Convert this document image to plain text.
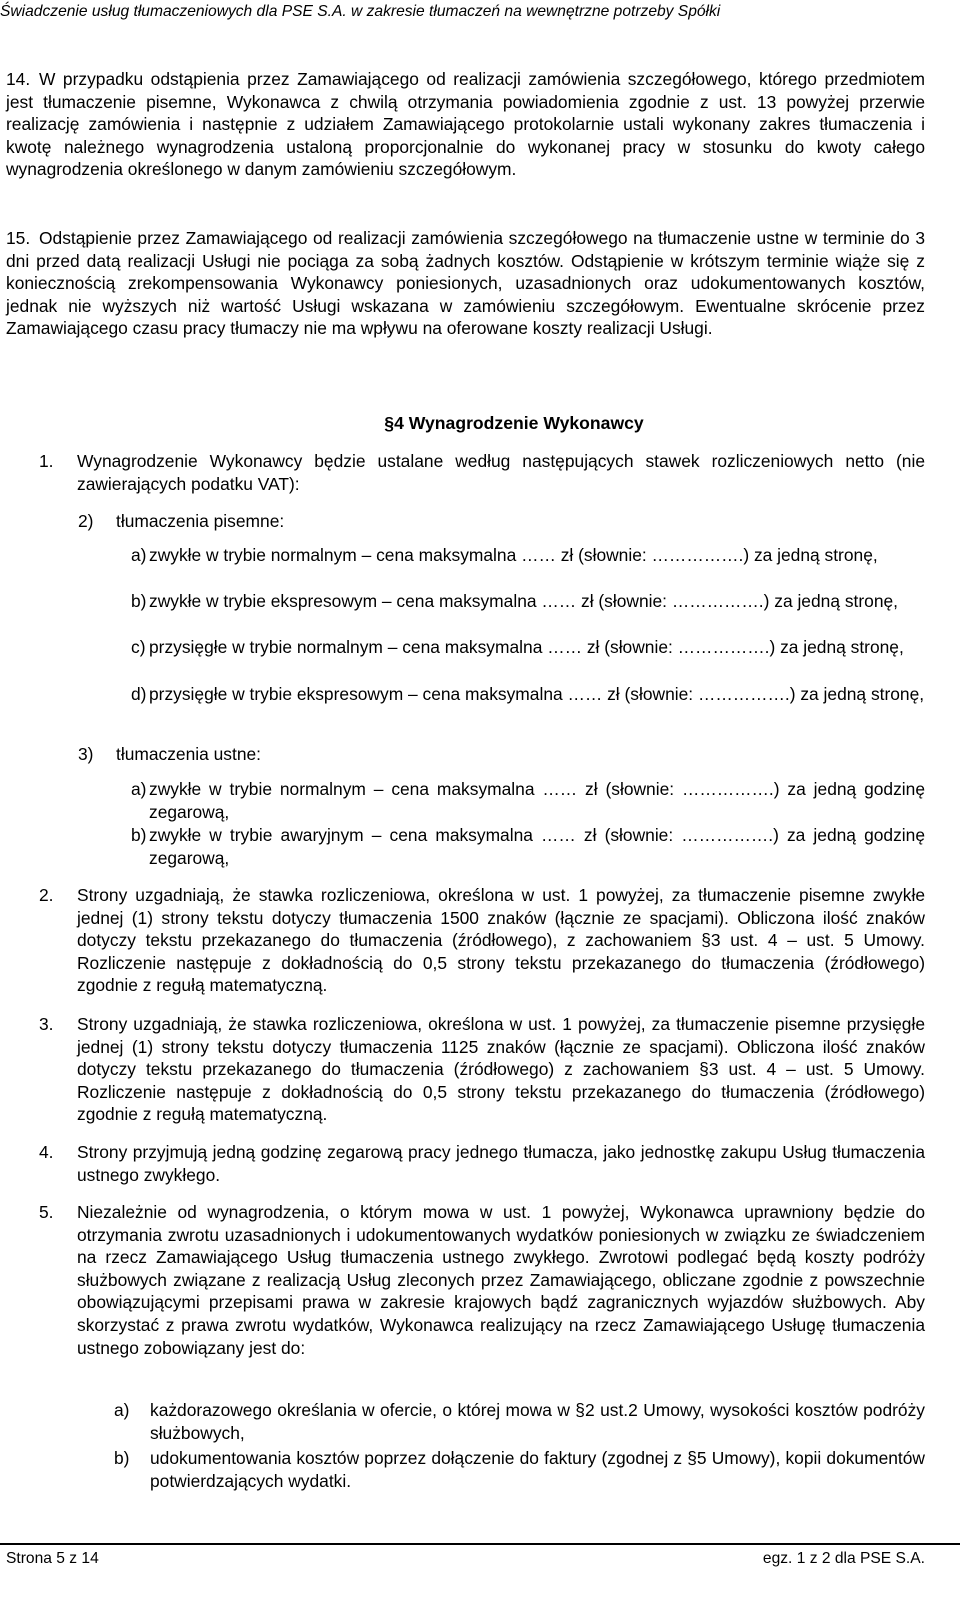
Świadczenie usług tłumaczeniowych dla PSE S.A. w zakresie tłumaczeń na wewnętrzne potrzeby Spółki
14. W przypadku odstąpienia przez Zamawiającego od realizacji zamówienia szczegółowego, którego przedmiotem jest tłumaczenie pisemne, Wykonawca z chwilą otrzymania powiadomienia zgodnie z ust. 13 powyżej przerwie realizację zamówienia i następnie z udziałem Zamawiającego protokolarnie ustali wykonany zakres tłumaczenia i kwotę należnego wynagrodzenia ustaloną proporcjonalnie do wykonanej pracy w stosunku do kwoty całego wynagrodzenia określonego w danym zamówieniu szczegółowym.
15. Odstąpienie przez Zamawiającego od realizacji zamówienia szczegółowego na tłumaczenie ustne w terminie do 3 dni przed datą realizacji Usługi nie pociąga za sobą żadnych kosztów. Odstąpienie w krótszym terminie wiąże się z koniecznością zrekompensowania Wykonawcy poniesionych, uzasadnionych oraz udokumentowanych kosztów, jednak nie wyższych niż wartość Usługi wskazana w zamówieniu szczegółowym. Ewentualne skrócenie przez Zamawiającego czasu pracy tłumaczy nie ma wpływu na oferowane koszty realizacji Usługi.
§4 Wynagrodzenie Wykonawcy
1.	Wynagrodzenie Wykonawcy będzie ustalane według następujących stawek rozliczeniowych netto (nie zawierających podatku VAT):
2) tłumaczenia pisemne:
a) zwykłe w trybie normalnym – cena maksymalna …… zł (słownie: …………….) za jedną stronę,
b) zwykłe w trybie ekspresowym – cena maksymalna …… zł (słownie: …………….) za jedną stronę,
c) przysięgłe w trybie normalnym – cena maksymalna …… zł (słownie: …………….) za jedną stronę,
d) przysięgłe w trybie ekspresowym – cena maksymalna …… zł (słownie: …………….) za jedną stronę,
3) tłumaczenia ustne:
a) zwykłe w trybie normalnym – cena maksymalna …… zł (słownie: …………….) za jedną godzinę zegarową,
b) zwykłe w trybie awaryjnym – cena maksymalna …… zł (słownie: …………….) za jedną godzinę zegarową,
2.	Strony uzgadniają, że stawka rozliczeniowa, określona w ust. 1 powyżej, za tłumaczenie pisemne zwykłe jednej (1) strony tekstu dotyczy tłumaczenia 1500 znaków (łącznie ze spacjami). Obliczona ilość znaków dotyczy tekstu przekazanego do tłumaczenia (źródłowego), z zachowaniem §3 ust. 4 – ust. 5 Umowy. Rozliczenie następuje z dokładnością do 0,5 strony tekstu przekazanego do tłumaczenia (źródłowego) zgodnie z regułą matematyczną.
3.	Strony uzgadniają, że stawka rozliczeniowa, określona w ust. 1 powyżej, za tłumaczenie pisemne przysięgłe jednej (1) strony tekstu dotyczy tłumaczenia 1125 znaków (łącznie ze spacjami). Obliczona ilość znaków dotyczy tekstu przekazanego do tłumaczenia (źródłowego) z zachowaniem §3 ust. 4 – ust. 5 Umowy. Rozliczenie następuje z dokładnością do 0,5 strony tekstu przekazanego do tłumaczenia (źródłowego) zgodnie z regułą matematyczną.
4.	Strony przyjmują jedną godzinę zegarową pracy jednego tłumacza, jako jednostkę zakupu Usług tłumaczenia ustnego zwykłego.
5.	Niezależnie od wynagrodzenia, o którym mowa w ust. 1 powyżej, Wykonawca uprawniony będzie do otrzymania zwrotu uzasadnionych i udokumentowanych wydatków poniesionych w związku ze świadczeniem na rzecz Zamawiającego Usług tłumaczenia ustnego zwykłego. Zwrotowi podlegać będą koszty podróży służbowych związane z realizacją Usług zleconych przez Zamawiającego, obliczane zgodnie z powszechnie obowiązującymi przepisami prawa w zakresie krajowych bądź zagranicznych wyjazdów służbowych. Aby skorzystać z prawa zwrotu wydatków, Wykonawca realizujący na rzecz Zamawiającego Usługę tłumaczenia ustnego zobowiązany jest do:
a)	każdorazowego określania w ofercie, o której mowa w §2 ust.2 Umowy, wysokości kosztów podróży służbowych,
b)	udokumentowania kosztów poprzez dołączenie do faktury (zgodnej z §5 Umowy), kopii dokumentów potwierdzających wydatki.
Strona 5 z 14	egz. 1 z 2 dla PSE S.A.
